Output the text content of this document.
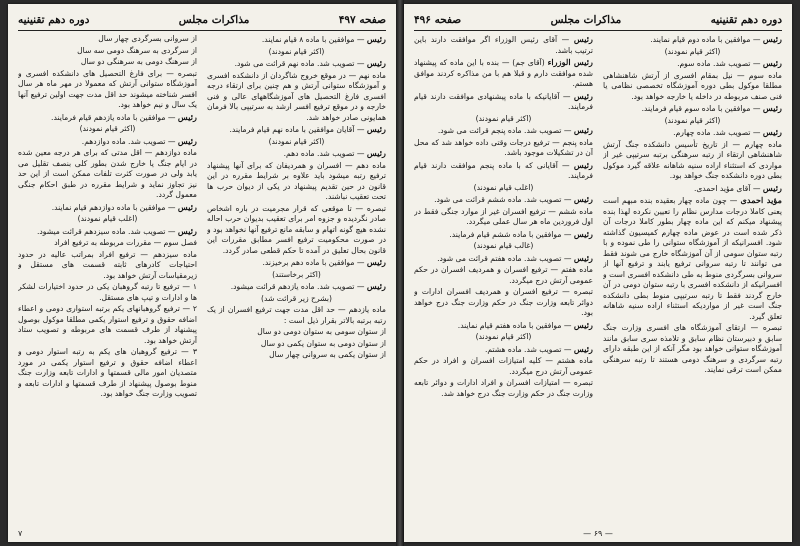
صفحه ۴۹۷
مذاکرات مجلس
دوره دهم تقنینیه

رئیس — موافقین با ماده ۸ قیام نمایند.

(اکثر قیام نمودند)

رئیس — تصویب شد. ماده نهم قرائت می شود.

ماده نهم — در موقع خروج شاگردان از دانشکده افسری و آموزشگاه ستوانی آرتش و هم چنین برای ارتقاء درجه افسری فارغ التحصیل های آموزشگاههای عالی و فنی خارجه و در موقع ترفیع افسر ارشد به سرتیپی بالا فرمان همایونی صادر خواهد شد.

رئیس — آقایان موافقین با ماده نهم قیام فرمایند.

(اکثر قیام نمودند)

رئیس — تصویب شد. ماده دهم.

ماده دهم — افسران و همردیفان که برای آنها پیشنهاد ترفیع رتبه میشود باید علاوه بر شرایط مقرره در این قانون در حین تقدیم پیشنهاد در یکی از دیوان حرب ها تحت تعقیب نباشند.

تبصره — تا موقعی که قرار مجرمیت در باره اشخاص صادر نگردیده و جزوه امر برای تعقیب بدیوان حرب احاله نشده هیچ گونه اتهام و سابقه مانع ترفیع آنها نخواهد بود و در صورت محکومیت ترفیع افسر مطابق مقررات این قانون بحال تعلیق در آمده تا حکم قطعی صادر گردد.

رئیس — موافقین با ماده دهم برخیزند.

(اکثر برخاستند)

رئیس — تصویب شد. ماده یازدهم قرائت میشود.

(بشرح زیر قرائت شد)

ماده یازدهم — حد اقل مدت جهت ترفیع افسران از یک رتبه برتبه بالاتر بقرار ذیل است :

از ستوان سومی به ستوان دومی دو سال

از ستوان دومی به ستوان یکمی دو سال

از ستوان یکمی به سروانی چهار سال

از سروانی بسرگردی چهار سال

از سرگردی به سرهنگ دومی سه سال

از سرهنگ دومی به سرهنگی دو سال

تبصره — برای فارغ التحصیل های دانشکده افسری و آموزشگاه ستوانی آرتش که معمولا در مهر ماه هر سال افسر شناخته میشوند حد اقل مدت جهت اولین ترفیع آنها یک سال و نیم خواهد بود.

رئیس — موافقین با ماده یازدهم قیام فرمایند.

(اکثر قیام نمودند)

رئیس — تصویب شد. ماده دوازدهم.

ماده دوازدهم — اقل مدتی که برای هر درجه معین شده در ایام جنگ یا خارج شدن بطور کلی بنصف تقلیل می یابد ولی در صورت کثرت تلفات ممکن است از این حد نیز تجاوز نماید و شرایط مقرره در طبق احکام جنگی معمول گردد.

رئیس — موافقین با ماده دوازدهم قیام نمایند.

(اغلب قیام نمودند)

رئیس — تصویب شد. ماده سیزدهم قرائت میشود.

فصل سوم — مقررات مربوطه به ترفیع افراد

ماده سیزدهم — ترفیع افراد بمراتب عالیه در حدود احتیاجات کادرهای ثابته قسمت های مستقل و زیرمقیاسات آرتش خواهد بود.

۱ — ترفیع تا رتبه گروهبان یکی در حدود اختیارات لشکر ها و ادارات و تیپ های مستقل.

۲ — ترفیع گروهبانهای یکم برتبه استواری دومی و اعطاء اضافه حقوق و ترفیع استوار یکمی مطلقا موکول بوصول پیشنهاد از طرف قسمت های مربوطه و تصویب ستاد آرتش خواهد بود.

۳ — ترفیع گروهبان های یکم به رتبه استوار دومی و اعطاء اضافه حقوق و ترفیع استوار یکمی در مورد متصدیان امور مالی قسمتها و ادارات تابعه وزارت جنگ منوط بوصول پیشنهاد از طرف قسمتها و ادارات تابعه و تصویب وزارت جنگ خواهد بود.

۷
دوره دهم تقنینیه
مذاکرات مجلس
صفحه ۴۹۶

رئیس — موافقین با ماده دوم قیام نمایند.

(اکثر قیام نمودند)

رئیس — تصویب شد. ماده سوم.

ماده سوم — نیل بمقام افسری از آرتش شاهنشاهی مطلقا موکول بطی دوره آموزشگاه تخصصی نظامی یا فنی صنف مربوطه در داخله یا خارجه خواهد بود.

رئیس — موافقین با ماده سوم قیام فرمایند.

(اکثر قیام نمودند)

رئیس — تصویب شد. ماده چهارم.

ماده چهارم — از تاریخ تأسیس دانشکده جنگ آرتش شاهنشاهی ارتقاء از رتبه سرهنگی برتبه سرتیپی غیر از مواردی که استثناء اراده سنیه شاهانه علاقه گیرد موکول بطی دوره دانشکده جنگ خواهد بود.

رئیس — آقای مؤید احمدی.

مؤید احمدی — چون ماده چهار بعقیده بنده مبهم است یعنی کاملا درجات مدارس نظام را تعیین نکرده لهذا بنده پیشنهاد میکنم که این ماده چهار بطور کاملا درجات آن ذکر شده است در عوض ماده چهارم کمیسیون گذاشته شود. افسرانیکه از آموزشگاه ستوانی را طی نموده و با رتبه ستوان سومی از آن آموزشگاه خارج می شوند فقط می توانند تا رتبه سروانی ترفیع یابند و ترفیع آنها از سروانی بسرگردی منوط به طی دانشکده افسری است و افسرانیکه از دانشکده افسری با رتبه ستوان دومی در آن خارج گردند فقط تا رتبه سرتیپی منوط بطی دانشکده جنگ است غیر از مواردیکه استثناء اراده سنیه شاهانه تعلق گیرد.

تبصره — ارتقای آموزشگاه های افسری وزارت جنگ سابق و دبیرستان نظام سابق و تلامذه سری سابق مانند آموزشگاه ستوانی خواهد بود مگر آنکه از این طبقه دارای رتبه سرگردی و سرهنگ دومی هستند تا رتبه سرهنگی ممکن است ترقی نمایند.

رئیس — آقای رئیس الوزراء اگر موافقت دارند باین ترتیب باشد.

رئیس الوزراء (آقای جم) — بنده با این ماده که پیشنهاد شده موافقت دارم و قبلا هم با من مذاکره کردند موافق هستم.

رئیس — آقایانیکه با ماده پیشنهادی موافقت دارند قیام فرمایند.

(اکثر قیام نمودند)

رئیس — تصویب شد. ماده پنجم قرائت می شود.

ماده پنجم — ترفیع درجات وقتی داده خواهد شد که محل آن در تشکیلات موجود باشد.

رئیس — آقایانی که با ماده پنجم موافقت دارند قیام فرمایند.

(اغلب قیام نمودند)

رئیس — تصویب شد. ماده ششم قرائت می شود.

ماده ششم — ترفیع افسران غیر از موارد جنگی فقط در اول فروردین ماه هر سال عملی میگردد.

رئیس — موافقین با ماده ششم قیام فرمایند.

(غالب قیام نمودند)

رئیس — تصویب شد. ماده هفتم قرائت می شود.

ماده هفتم — ترفیع افسران و همردیف افسران در حکم عمومی آرتش درج میگردد.

تبصره — ترفیع افسران و همردیف افسران ادارات و دوائر تابعه وزارت جنگ در حکم وزارت جنگ درج خواهد بود.

رئیس — موافقین با ماده هفتم قیام نمایند.

(اکثر قیام نمودند)

رئیس — تصویب شد. ماده هشتم.

ماده هشتم — کلیه امتیازات افسران و افراد در حکم عمومی آرتش درج میگردد.

تبصره — امتیازات افسران و افراد ادارات و دوائر تابعه وزارت جنگ در حکم وزارت جنگ درج خواهد شد.

— ۶۹ —
